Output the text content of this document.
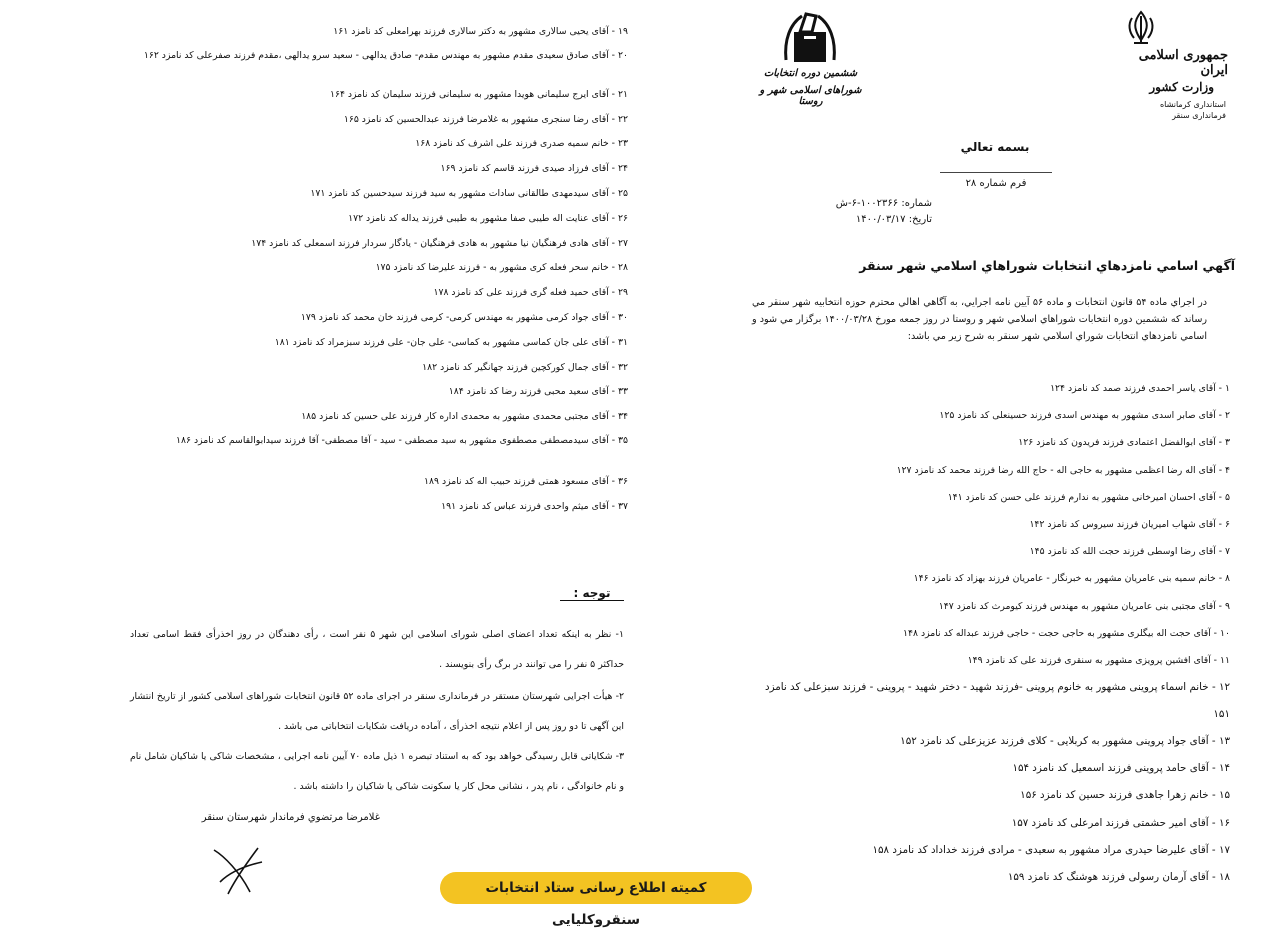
جمهوری اسلامی ایران
وزارت کشور
استانداری کرمانشاه
فرمانداری سنقر
ششمین دوره انتخابات
شوراهای اسلامی شهر و روستا
بسمه تعالي
فرم شماره ۲۸
شماره: ۱۰۰۲۳۶۶-۶-ش
تاریخ: ۱۴۰۰/۰۳/۱۷
آگهي اسامي نامزدهاي انتخابات شوراهاي اسلامي شهر سنقر
در اجراي ماده ۵۴ قانون انتخابات و ماده ۵۶ آيين نامه اجرايي، به آگاهي اهالي محترم حوزه انتخابيه شهر سنقر مي رساند كه ششمين دوره انتخابات شوراهاي اسلامي شهر و روستا در روز جمعه مورخ ۱۴۰۰/۰۳/۲۸ برگزار مي شود و اسامي نامزدهاي انتخابات شوراي اسلامي شهر سنقر به شرح زير مي باشد:
۱ - آقای یاسر احمدی فرزند صمد کد نامزد ۱۲۴
۲ - آقای صابر اسدی مشهور به مهندس اسدی فرزند حسینعلی کد نامزد ۱۲۵
۳ - آقای ابوالفضل اعتمادی فرزند فریدون کد نامزد ۱۲۶
۴ - آقای اله رضا اعظمی مشهور به حاجی اله - حاج الله رضا فرزند محمد کد نامزد ۱۲۷
۵ - آقای احسان امیرخانی مشهور به ندارم فرزند علی حسن کد نامزد ۱۴۱
۶ - آقای شهاب امیریان فرزند سیروس کد نامزد ۱۴۲
۷ - آقای رضا اوسطی فرزند حجت الله کد نامزد ۱۴۵
۸ - خانم سمیه بنی عامریان مشهور به خبرنگار - عامریان فرزند بهزاد کد نامزد ۱۴۶
۹ - آقای مجتبی بنی عامریان مشهور به مهندس فرزند کیومرث کد نامزد ۱۴۷
۱۰ - آقای حجت اله بیگلری مشهور به حاجی حجت - حاجی فرزند عبداله کد نامزد ۱۴۸
۱۱ - آقای افشین پرویزی مشهور به سنقری فرزند علی کد نامزد ۱۴۹
۱۲ - خانم اسماء پروینی مشهور به خانوم پروینی -فرزند شهید - دختر شهید - پروینی - فرزند سبزعلی کد نامزد ۱۵۱
۱۳ - آقای جواد پروینی مشهور به کربلایی - کلای فرزند عزیزعلی کد نامزد ۱۵۲
۱۴ - آقای حامد پروینی فرزند اسمعیل کد نامزد ۱۵۴
۱۵ - خانم زهرا جاهدی فرزند حسین کد نامزد ۱۵۶
۱۶ - آقای امیر حشمتی فرزند امرعلی کد نامزد ۱۵۷
۱۷ - آقای علیرضا حیدری مراد مشهور به سعیدی - مرادی فرزند خداداد کد نامزد ۱۵۸
۱۸ - آقای آرمان رسولی فرزند هوشنگ کد نامزد ۱۵۹
۱۹ - آقای یحیی سالاری مشهور به دکتر سالاری فرزند بهرامعلی کد نامزد ۱۶۱
۲۰ - آقای صادق سعیدی مقدم مشهور به مهندس مقدم- صادق یدالهی - سعید سرو یدالهی ،مقدم فرزند صفرعلی کد نامزد ۱۶۲
۲۱ - آقای ایرج سلیمانی هویدا مشهور به سلیمانی فرزند سلیمان کد نامزد ۱۶۴
۲۲ - آقای رضا سنجری مشهور به غلامرضا فرزند عبدالحسین کد نامزد ۱۶۵
۲۳ - خانم سمیه صدری فرزند علی اشرف کد نامزد ۱۶۸
۲۴ - آقای فرزاد صیدی فرزند قاسم کد نامزد ۱۶۹
۲۵ - آقای سیدمهدی طالقانی سادات مشهور به سید فرزند سیدحسین کد نامزد ۱۷۱
۲۶ - آقای عنایت اله طیبی صفا مشهور به طیبی فرزند یداله کد نامزد ۱۷۲
۲۷ - آقای هادی فرهنگیان نیا مشهور به هادی فرهنگیان - یادگار سردار فرزند اسمعلی کد نامزد ۱۷۴
۲۸ - خانم سحر فعله کری مشهور به - فرزند علیرضا کد نامزد ۱۷۵
۲۹ - آقای حمید فعله گری فرزند علی کد نامزد ۱۷۸
۳۰ - آقای جواد کرمی مشهور به مهندس کرمی- کرمی فرزند خان محمد کد نامزد ۱۷۹
۳۱ - آقای علی جان کماسی مشهور به کماسی- علی جان- علی فرزند سبزمراد کد نامزد ۱۸۱
۳۲ - آقای جمال کورکچین فرزند جهانگیر کد نامزد ۱۸۲
۳۳ - آقای سعید محبی فرزند رضا کد نامزد ۱۸۴
۳۴ - آقای مجتبی محمدی مشهور به محمدی اداره کار فرزند علی حسین کد نامزد ۱۸۵
۳۵ - آقای سیدمصطفی مصطفوی مشهور به سید مصطفی - سید - آقا مصطفی- آقا فرزند سیدابوالقاسم کد نامزد ۱۸۶
۳۶ - آقای مسعود همتی فرزند حبیب اله کد نامزد ۱۸۹
۳۷ - آقای میثم واحدی فرزند عباس کد نامزد ۱۹۱
توجه :
۱- نظر به اینکه تعداد اعضای اصلی شورای اسلامی این شهر ۵ نفر است ، رأی دهندگان در روز اخذرأی فقط اسامی تعداد حداکثر ۵ نفر را می توانند در برگ رأی بنویسند .
۲- هیأت اجرایی شهرستان مستقر در فرمانداری سنقر در اجرای ماده ۵۲ قانون انتخابات شوراهای اسلامی کشور از تاریخ انتشار این آگهی تا دو روز پس از اعلام نتیجه اخذرأی ، آماده دریافت شکایات انتخاباتی می باشد .
۳- شکایاتی قابل رسیدگی خواهد بود که به استناد تبصره ۱ ذیل ماده ۷۰ آیین نامه اجرایی ، مشخصات شاکی یا شاکیان شامل نام و نام خانوادگی ، نام پدر ، نشانی محل کار یا سکونت شاکی یا شاکیان را داشته باشد .
غلامرضا مرتضوي فرماندار شهرستان سنقر
کمیته اطلاع رسانی ستاد انتخابات سنقروکلیایی
